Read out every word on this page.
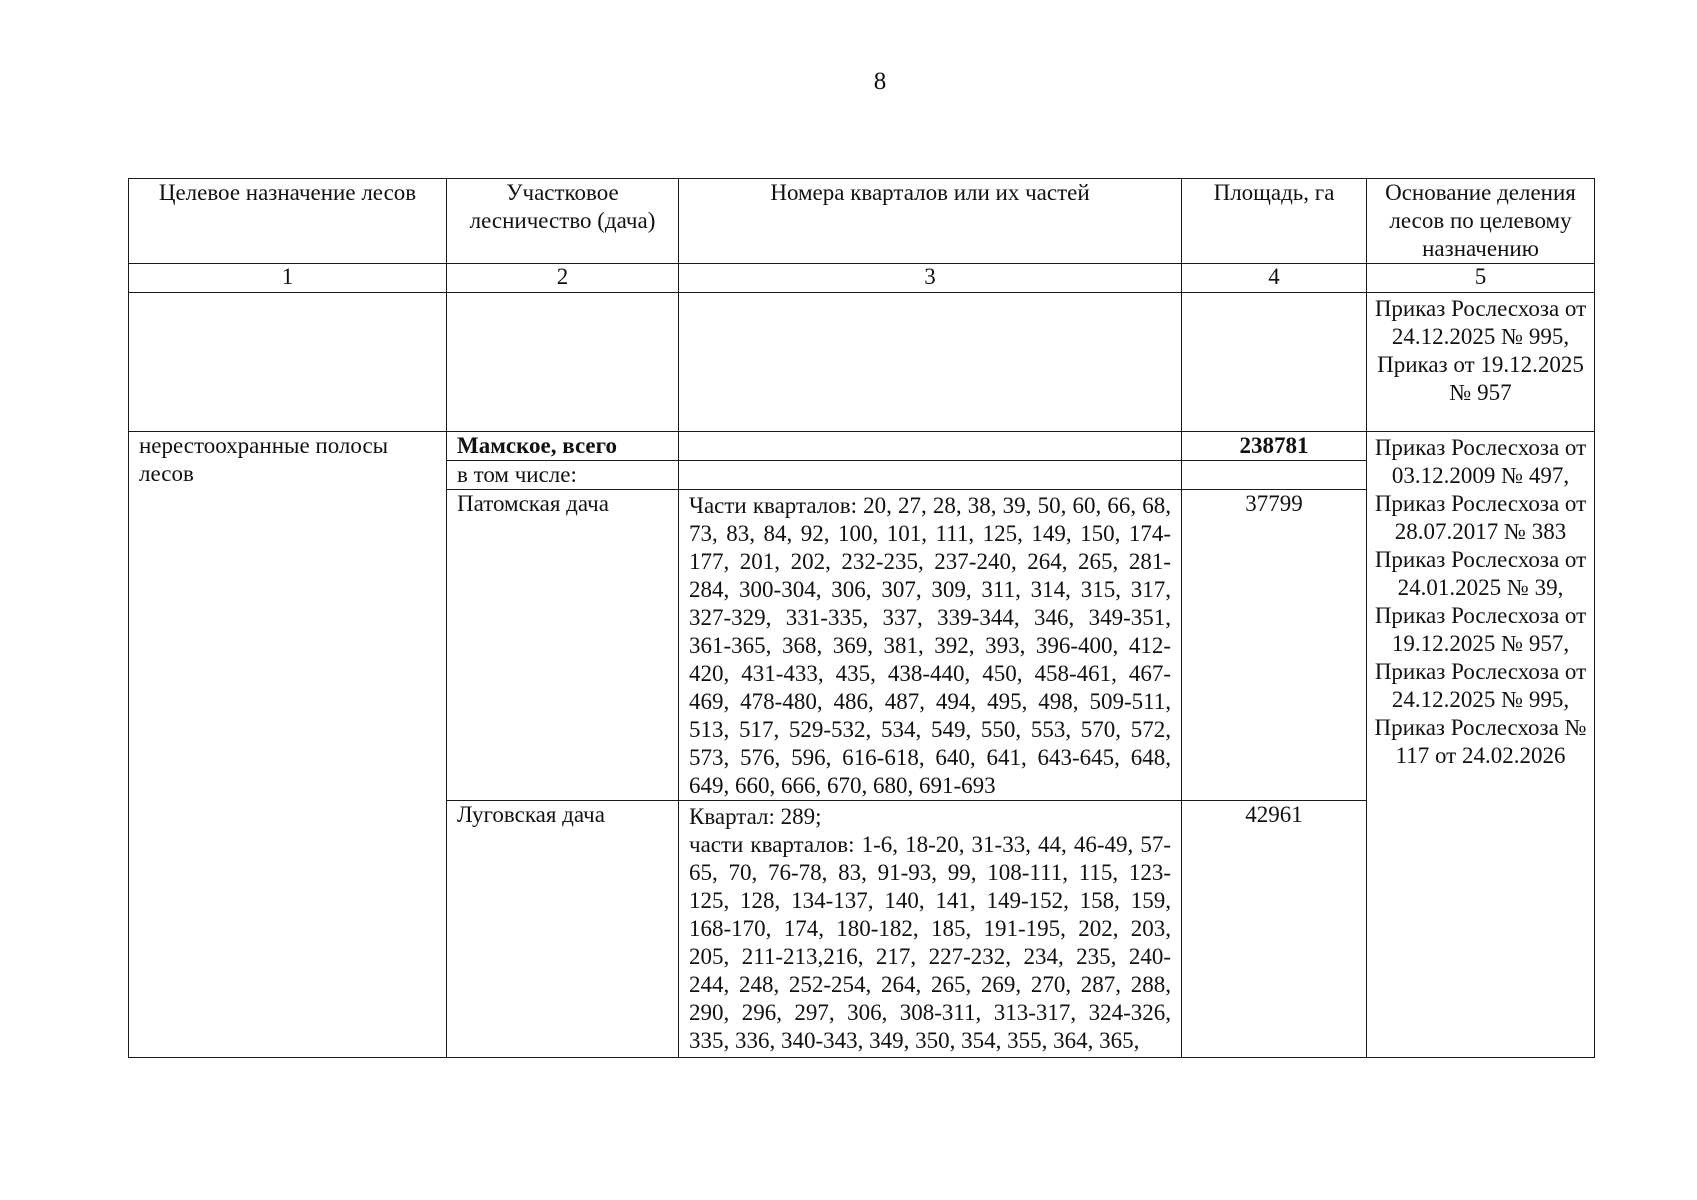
8
Целевое назначение лесов	Участковое лесничество (дача)	Номера кварталов или их частей	Площадь, га	Основание деления лесов по целевому назначению
1	2	3	4	5
				Приказ Рослесхоза от 24.12.2025 № 995, Приказ от 19.12.2025 № 957
нерестоохранные полосы лесов	Мамское, всего		238781	Приказ Рослесхоза от 03.12.2009 № 497, Приказ Рослесхоза от 28.07.2017 № 383 Приказ Рослесхоза от 24.01.2025 № 39, Приказ Рослесхоза от 19.12.2025 № 957, Приказ Рослесхоза от 24.12.2025 № 995, Приказ Рослесхоза № 117 от 24.02.2026
	в том числе:			
	Патомская дача	Части кварталов: 20, 27, 28, 38, 39, 50, 60, 66, 68, 73, 83, 84, 92, 100, 101, 111, 125, 149, 150, 174-177, 201, 202, 232-235, 237-240, 264, 265, 281-284, 300-304, 306, 307, 309, 311, 314, 315, 317, 327-329, 331-335, 337, 339-344, 346, 349-351, 361-365, 368, 369, 381, 392, 393, 396-400, 412-420, 431-433, 435, 438-440, 450, 458-461, 467-469, 478-480, 486, 487, 494, 495, 498, 509-511, 513, 517, 529-532, 534, 549, 550, 553, 570, 572, 573, 576, 596, 616-618, 640, 641, 643-645, 648, 649, 660, 666, 670, 680, 691-693	37799	
	Луговская дача	Квартал: 289;
части кварталов: 1-6, 18-20, 31-33, 44, 46-49, 57-65, 70, 76-78, 83, 91-93, 99, 108-111, 115, 123-125, 128, 134-137, 140, 141, 149-152, 158, 159, 168-170, 174, 180-182, 185, 191-195, 202, 203, 205, 211-213,216, 217, 227-232, 234, 235, 240-244, 248, 252-254, 264, 265, 269, 270, 287, 288, 290, 296, 297, 306, 308-311, 313-317, 324-326, 335, 336, 340-343, 349, 350, 354, 355, 364, 365,	42961	
